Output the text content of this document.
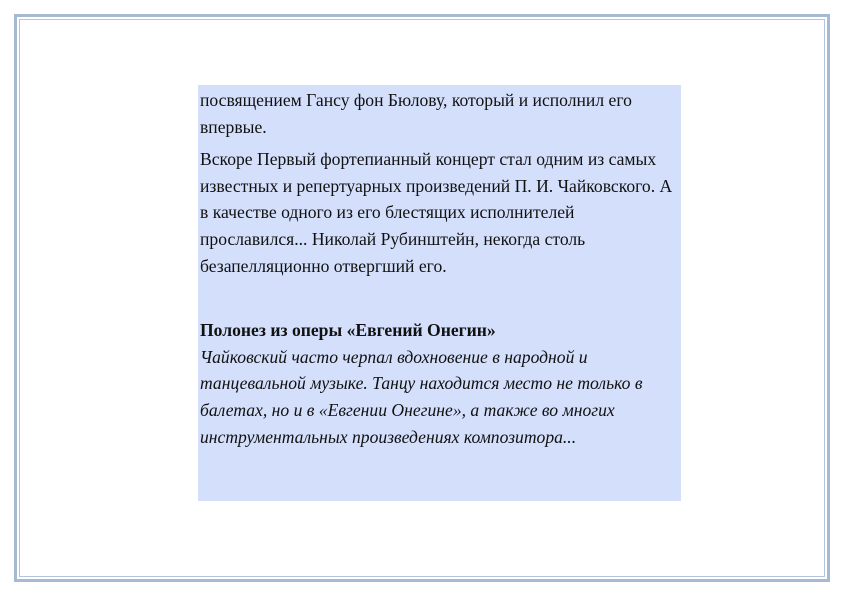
посвящением Гансу фон Бюлову, который и исполнил его впервые.

Вскоре Первый фортепианный концерт стал одним из самых известных и репертуарных произведений П. И. Чайковского. А в качестве одного из его блестящих исполнителей прославился... Николай Рубинштейн, некогда столь безапелляционно отвергший его.

Полонез из оперы «Евгений Онегин»

Чайковский часто черпал вдохновение в народной и танцевальной музыке. Танцу находится место не только в балетах, но и в «Евгении Онегине», а также во многих инструментальных произведениях композитора...
